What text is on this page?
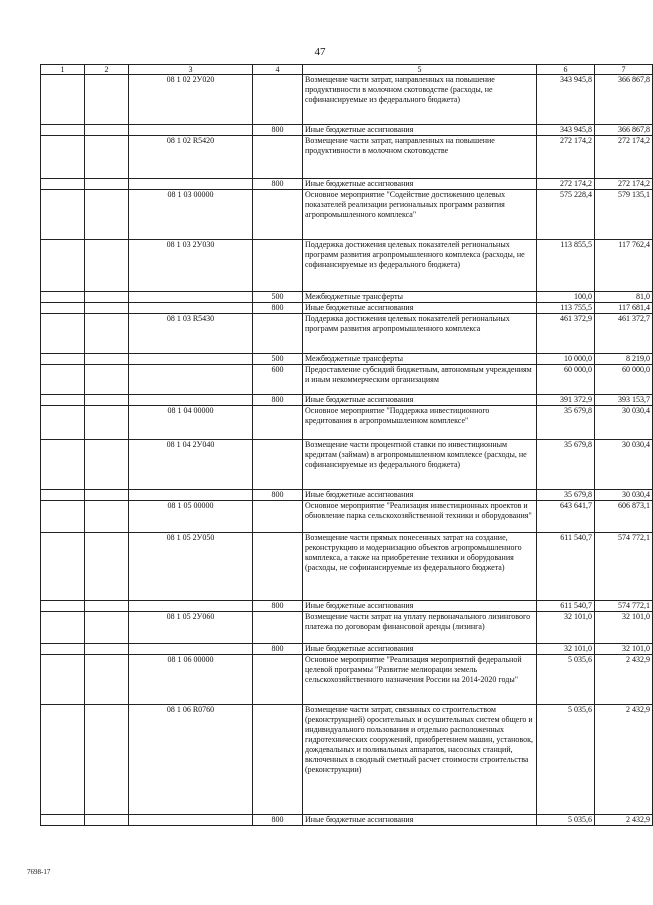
47
1	2	3	4	5	6	7
		08 1 02 2У020		Возмещение части затрат, направленных на повышение продуктивности в молочном скотоводстве (расходы, не софинансируемые из федерального бюджета)	343 945,8	366 867,8
			800	Иные бюджетные ассигнования	343 945,8	366 867,8
		08 1 02 R5420		Возмещение части затрат, направленных на повышение продуктивности в молочном скотоводстве	272 174,2	272 174,2
			800	Иные бюджетные ассигнования	272 174,2	272 174,2
		08 1 03 00000		Основное мероприятие "Содействие достижению целевых показателей реализации региональных программ развития агропромышленного комплекса"	575 228,4	579 135,1
		08 1 03 2У030		Поддержка достижения целевых показателей региональных программ развития агропромышленного комплекса (расходы, не софинансируемые из федерального бюджета)	113 855,5	117 762,4
			500	Межбюджетные трансферты	100,0	81,0
			800	Иные бюджетные ассигнования	113 755,5	117 681,4
		08 1 03 R5430		Поддержка достижения целевых показателей региональных программ развития агропромышленного комплекса	461 372,9	461 372,7
			500	Межбюджетные трансферты	10 000,0	8 219,0
			600	Предоставление субсидий бюджетным, автономным учреждениям и иным некоммерческим организациям	60 000,0	60 000,0
			800	Иные бюджетные ассигнования	391 372,9	393 153,7
		08 1 04 00000		Основное мероприятие "Поддержка инвестиционного кредитования в агропромышленном комплексе"	35 679,8	30 030,4
		08 1 04 2У040		Возмещение части процентной ставки по инвестиционным кредитам (займам) в агропромышленном комплексе (расходы, не софинансируемые из федерального бюджета)	35 679,8	30 030,4
			800	Иные бюджетные ассигнования	35 679,8	30 030,4
		08 1 05 00000		Основное мероприятие "Реализация инвестиционных проектов и обновление парка сельскохозяйственной техники и оборудования"	643 641,7	606 873,1
		08 1 05 2У050		Возмещение части прямых понесенных затрат на создание, реконструкцию и модернизацию объектов агропромышленного комплекса, а также на приобретение техники и оборудования (расходы, не софинансируемые из федерального бюджета)	611 540,7	574 772,1
			800	Иные бюджетные ассигнования	611 540,7	574 772,1
		08 1 05 2У060		Возмещение части затрат на уплату первоначального лизингового платежа по договорам финансовой аренды (лизинга)	32 101,0	32 101,0
			800	Иные бюджетные ассигнования	32 101,0	32 101,0
		08 1 06 00000		Основное мероприятие "Реализация мероприятий федеральной целевой программы "Развитие мелиорации земель сельскохозяйственного назначения России на 2014-2020 годы"	5 035,6	2 432,9
		08 1 06 R0760		Возмещение части затрат, связанных со строительством (реконструкцией) оросительных и осушительных систем общего и индивидуального пользования и отдельно расположенных гидротехнических сооружений, приобретением машин, установок, дождевальных и поливальных аппаратов, насосных станций, включенных в сводный сметный расчет стоимости строительства (реконструкции)	5 035,6	2 432,9
			800	Иные бюджетные ассигнования	5 035,6	2 432,9
7698-17
